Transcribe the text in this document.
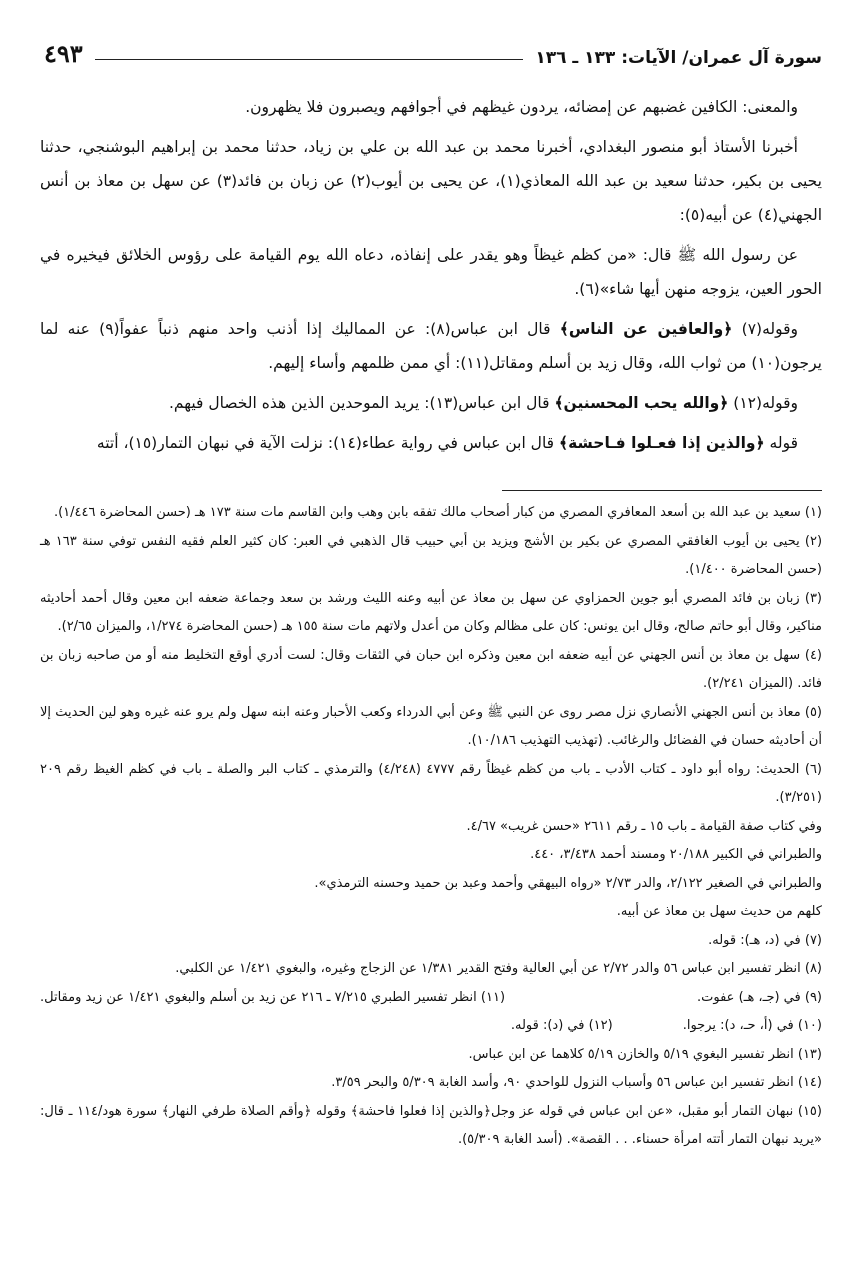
سورة آل عمران/ الآيات: ١٣٣ ـ ١٣٦
٤٩٣

والمعنى: الكافين غضبهم عن إمضائه، يردون غيظهم في أجوافهم ويصبرون فلا يظهرون.

أخبرنا الأستاذ أبو منصور البغدادي، أخبرنا محمد بن عبد الله بن علي بن زياد، حدثنا محمد بن إبراهيم البوشنجي، حدثنا يحيى بن بكير، حدثنا سعيد بن عبد الله المعاذي(١)، عن يحيى بن أيوب(٢) عن زبان بن فائد(٣) عن سهل بن معاذ بن أنس الجهني(٤) عن أبيه(٥):

عن رسول الله ﷺ قال: «من كظم غيظاً وهو يقدر على إنفاذه، دعاه الله يوم القيامة على رؤوس الخلائق فيخيره في الحور العين، يزوجه منهن أيها شاء»(٦).

وقوله(٧) ﴿والعافين عن الناس﴾ قال ابن عباس(٨): عن المماليك إذا أذنب واحد منهم ذنباً عفواً(٩) عنه لما يرجون(١٠) من ثواب الله، وقال زيد بن أسلم ومقاتل(١١): أي ممن ظلمهم وأساء إليهم.

وقوله(١٢) ﴿والله يحب المحسنين﴾ قال ابن عباس(١٣): يريد الموحدين الذين هذه الخصال فيهم.

قوله ﴿والذين إذا فعـلوا فـاحشة﴾ قال ابن عباس في رواية عطاء(١٤): نزلت الآية في نبهان التمار(١٥)، أتته

(١) سعيد بن عبد الله بن أسعد المعافري المصري من كبار أصحاب مالك تفقه بابن وهب وابن القاسم مات سنة ١٧٣ هـ (حسن المحاضرة ١/٤٤٦).

(٢) يحيى بن أيوب الغافقي المصري عن بكير بن الأشج ويزيد بن أبي حبيب قال الذهبي في العبر: كان كثير العلم فقيه النفس توفي سنة ١٦٣ هـ (حسن المحاضرة ١/٤٠٠).

(٣) زبان بن فائد المصري أبو جوين الحمزاوي عن سهل بن معاذ عن أبيه وعنه الليث ورشد بن سعد وجماعة ضعفه ابن معين وقال أحمد أحاديثه مناكير، وقال أبو حاتم صالح، وقال ابن يونس: كان على مظالم وكان من أعدل ولاتهم مات سنة ١٥٥ هـ (حسن المحاضرة ١/٢٧٤، والميزان ٢/٦٥).

(٤) سهل بن معاذ بن أنس الجهني عن أبيه ضعفه ابن معين وذكره ابن حبان في الثقات وقال: لست أدري أوقع التخليط منه أو من صاحبه زبان بن فائد. (الميزان ٢/٢٤١).

(٥) معاذ بن أنس الجهني الأنصاري نزل مصر روى عن النبي ﷺ وعن أبي الدرداء وكعب الأحبار وعنه ابنه سهل ولم يرو عنه غيره وهو لين الحديث إلا أن أحاديثه حسان في الفضائل والرغائب. (تهذيب التهذيب ١٠/١٨٦).

(٦) الحديث: رواه أبو داود ـ كتاب الأدب ـ باب من كظم غيظاً رقم ٤٧٧٧ (٤/٢٤٨) والترمذي ـ كتاب البر والصلة ـ باب في كظم الغيظ رقم ٢٠٩ (٣/٢٥١).

وفي كتاب صفة القيامة ـ باب ١٥ ـ رقم ٢٦١١ «حسن غريب» ٤/٦٧.

والطبراني في الكبير ٢٠/١٨٨ ومسند أحمد ٣/٤٣٨، ٤٤٠.

والطبراني في الصغير ٢/١٢٢، والدر ٢/٧٣ «رواه البيهقي وأحمد وعبد بن حميد وحسنه الترمذي».

كلهم من حديث سهل بن معاذ عن أبيه.

(٧) في (د، هـ): قوله.

(٨) انظر تفسير ابن عباس ٥٦ والدر ٢/٧٢ عن أبي العالية وفتح القدير ١/٣٨١ عن الزجاج وغيره، والبغوي ١/٤٢١ عن الكلبي.

(٩) في (جـ، هـ) عفوت.
(١١) انظر تفسير الطبري ٧/٢١٥ ـ ٢١٦ عن زيد بن أسلم والبغوي ١/٤٢١ عن زيد ومقاتل.
(١٠) في (أ، حـ، د): يرجوا.
(١٢) في (د): قوله.

(١٣) انظر تفسير البغوي ٥/١٩ والخازن ٥/١٩ كلاهما عن ابن عباس.

(١٤) انظر تفسير ابن عباس ٥٦ وأسباب النزول للواحدي ٩٠، وأسد الغابة ٥/٣٠٩ والبحر ٣/٥٩.

(١٥) نبهان التمار أبو مقبل، «عن ابن عباس في قوله عز وجل﴿والذين إذا فعلوا فاحشة﴾ وقوله ﴿وأقم الصلاة طرفي النهار﴾ سورة هود/١١٤ ـ قال: «يريد نبهان التمار أتته امرأة حسناء. . . القصة». (أسد الغابة ٥/٣٠٩).
